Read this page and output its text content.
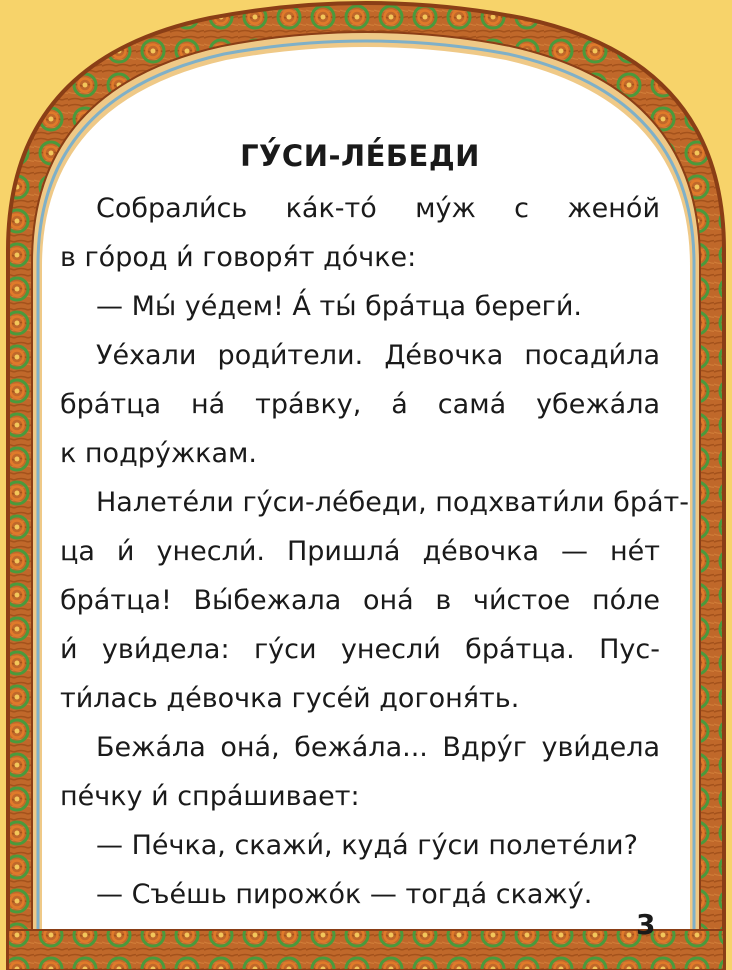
ГУ́СИ-ЛЕ́БЕДИ
Собрали́сь ка́к-то́ му́ж с жено́й
в го́род и́ говоря́т до́чке:
— Мы́ уе́дем! А́ ты́ бра́тца береги́.
Уе́хали роди́тели. Де́вочка посади́ла
бра́тца на́ тра́вку, а́ сама́ убежа́ла
к подру́жкам.
Налете́ли гу́си-ле́беди, подхвати́ли бра́т-
ца и́ унесли́. Пришла́ де́вочка — не́т
бра́тца! Вы́бежала она́ в чи́стое по́ле
и́ уви́дела: гу́си унесли́ бра́тца. Пус-
ти́лась де́вочка гусе́й догоня́ть.
Бежа́ла она́, бежа́ла... Вдру́г уви́дела
пе́чку и́ спра́шивает:
— Пе́чка, скажи́, куда́ гу́си полете́ли?
— Съе́шь пирожо́к — тогда́ скажу́.
3
